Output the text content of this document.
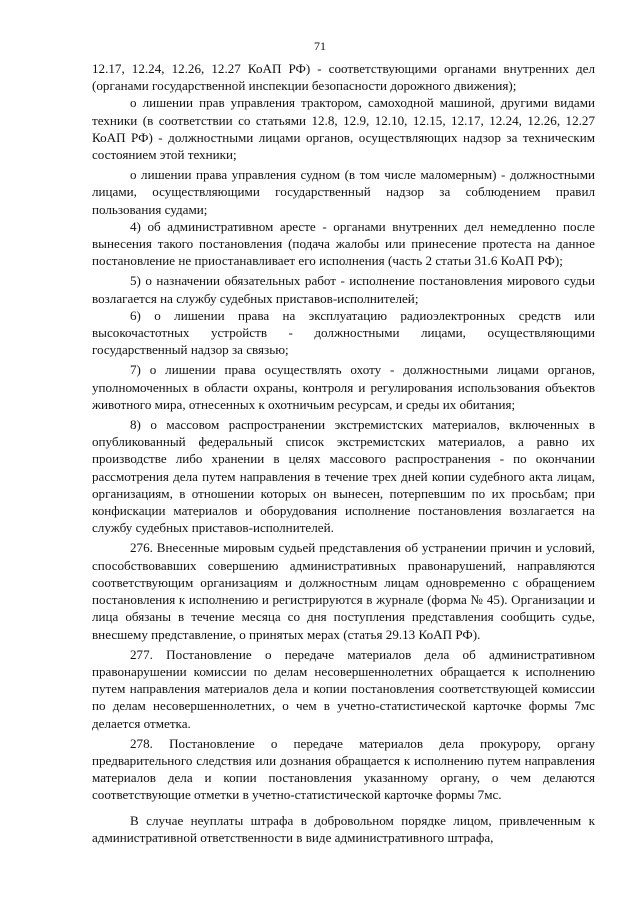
71

12.17, 12.24, 12.26, 12.27 КоАП РФ) - соответствующими органами внутренних дел (органами государственной инспекции безопасности дорожного движения);

о лишении прав управления трактором, самоходной машиной, другими видами техники (в соответствии со статьями 12.8, 12.9, 12.10, 12.15, 12.17, 12.24, 12.26, 12.27 КоАП РФ) - должностными лицами органов, осуществляющих надзор за техническим состоянием этой техники;

о лишении права управления судном (в том числе маломерным) - должностными лицами, осуществляющими государственный надзор за соблюдением правил пользования судами;

4) об административном аресте - органами внутренних дел немедленно после вынесения такого постановления (подача жалобы или принесение протеста на данное постановление не приостанавливает его исполнения (часть 2 статьи 31.6 КоАП РФ);

5) о назначении обязательных работ - исполнение постановления мирового судьи возлагается на службу судебных приставов-исполнителей;

6) о лишении права на эксплуатацию радиоэлектронных средств или высокочастотных устройств - должностными лицами, осуществляющими государственный надзор за связью;

7) о лишении права осуществлять охоту - должностными лицами органов, уполномоченных в области охраны, контроля и регулирования использования объектов животного мира, отнесенных к охотничьим ресурсам, и среды их обитания;

8) о массовом распространении экстремистских материалов, включенных в опубликованный федеральный список экстремистских материалов, а равно их производстве либо хранении в целях массового распространения - по окончании рассмотрения дела путем направления в течение трех дней копии судебного акта лицам, организациям, в отношении которых он вынесен, потерпевшим по их просьбам; при конфискации материалов и оборудования исполнение постановления возлагается на службу судебных приставов-исполнителей.

276. Внесенные мировым судьей представления об устранении причин и условий, способствовавших совершению административных правонарушений, направляются соответствующим организациям и должностным лицам одновременно с обращением постановления к исполнению и регистрируются в журнале (форма № 45). Организации и лица обязаны в течение месяца со дня поступления представления сообщить судье, внесшему представление, о принятых мерах (статья 29.13 КоАП РФ).

277. Постановление о передаче материалов дела об административном правонарушении комиссии по делам несовершеннолетних обращается к исполнению путем направления материалов дела и копии постановления соответствующей комиссии по делам несовершеннолетних, о чем в учетно-статистической карточке формы 7мс делается отметка.

278. Постановление о передаче материалов дела прокурору, органу предварительного следствия или дознания обращается к исполнению путем направления материалов дела и копии постановления указанному органу, о чем делаются соответствующие отметки в учетно-статистической карточке формы 7мс.

В случае неуплаты штрафа в добровольном порядке лицом, привлеченным к административной ответственности в виде административного штрафа,
